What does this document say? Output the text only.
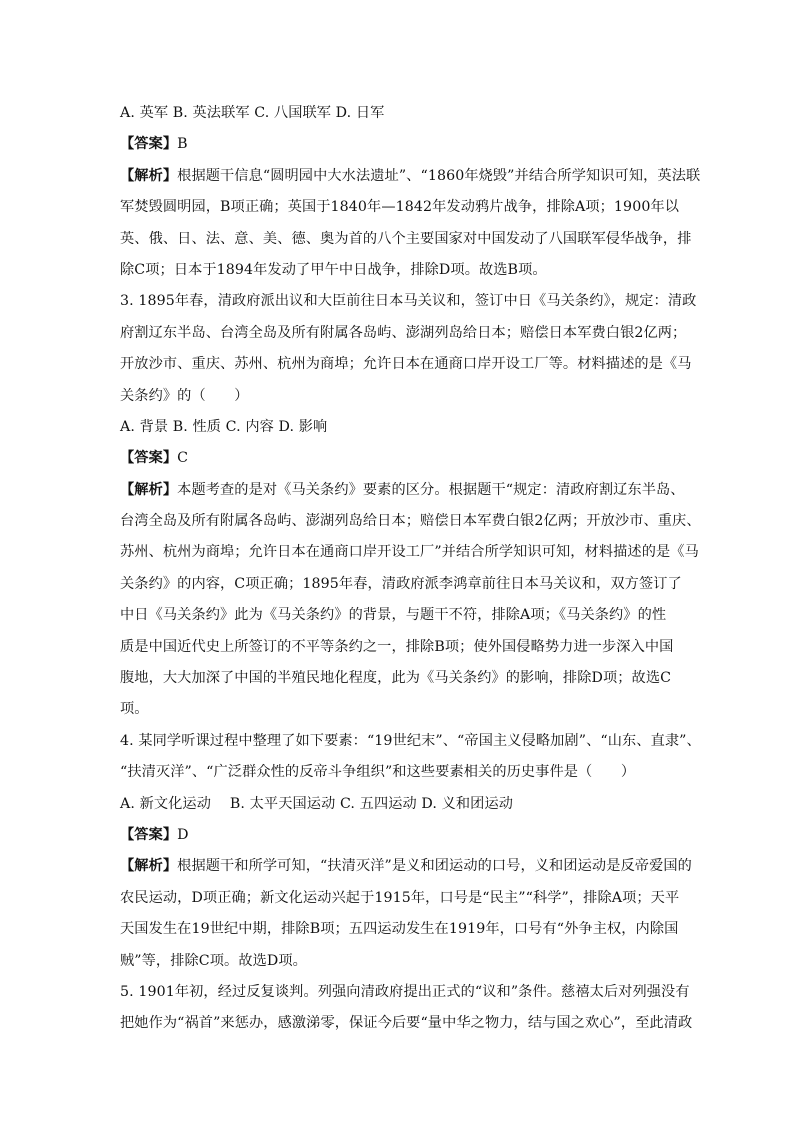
A. 英军 B. 英法联军 C. 八国联军 D. 日军
【答案】B
【解析】根据题干信息“圆明园中大水法遗址”、“1860年烧毁”并结合所学知识可知，英法联
军焚毁圆明园，B项正确；英国于1840年—1842年发动鸦片战争，排除A项；1900年以
英、俄、日、法、意、美、德、奥为首的八个主要国家对中国发动了八国联军侵华战争，排
除C项；日本于1894年发动了甲午中日战争，排除D项。故选B项。
3. 1895年春，清政府派出议和大臣前往日本马关议和，签订中日《马关条约》，规定：清政
府割辽东半岛、台湾全岛及所有附属各岛屿、澎湖列岛给日本；赔偿日本军费白银2亿两；
开放沙市、重庆、苏州、杭州为商埠；允许日本在通商口岸开设工厂等。材料描述的是《马
关条约》的（　　）
A. 背景 B. 性质 C. 内容 D. 影响
【答案】C
【解析】本题考查的是对《马关条约》要素的区分。根据题干“规定：清政府割辽东半岛、
台湾全岛及所有附属各岛屿、澎湖列岛给日本；赔偿日本军费白银2亿两；开放沙市、重庆、
苏州、杭州为商埠；允许日本在通商口岸开设工厂”并结合所学知识可知，材料描述的是《马
关条约》的内容，C项正确；1895年春，清政府派李鸿章前往日本马关议和，双方签订了
中日《马关条约》此为《马关条约》的背景，与题干不符，排除A项；《马关条约》的性
质是中国近代史上所签订的不平等条约之一，排除B项；使外国侵略势力进一步深入中国
腹地，大大加深了中国的半殖民地化程度，此为《马关条约》的影响，排除D项；故选C
项。
4. 某同学听课过程中整理了如下要素：“19世纪末”、“帝国主义侵略加剧”、“山东、直隶”、
“扶清灭洋”、“广泛群众性的反帝斗争组织”和这些要素相关的历史事件是（　　）
A. 新文化运动　 B. 太平天国运动 C. 五四运动 D. 义和团运动
【答案】D
【解析】根据题干和所学可知，“扶清灭洋”是义和团运动的口号，义和团运动是反帝爱国的
农民运动，D项正确；新文化运动兴起于1915年，口号是“民主”“科学”，排除A项；天平
天国发生在19世纪中期，排除B项；五四运动发生在1919年，口号有“外争主权，内除国
贼”等，排除C项。故选D项。
5. 1901年初，经过反复谈判。列强向清政府提出正式的“议和”条件。慈禧太后对列强没有
把她作为“祸首”来惩办，感激涕零，保证今后要“量中华之物力，结与国之欢心”，至此清政
